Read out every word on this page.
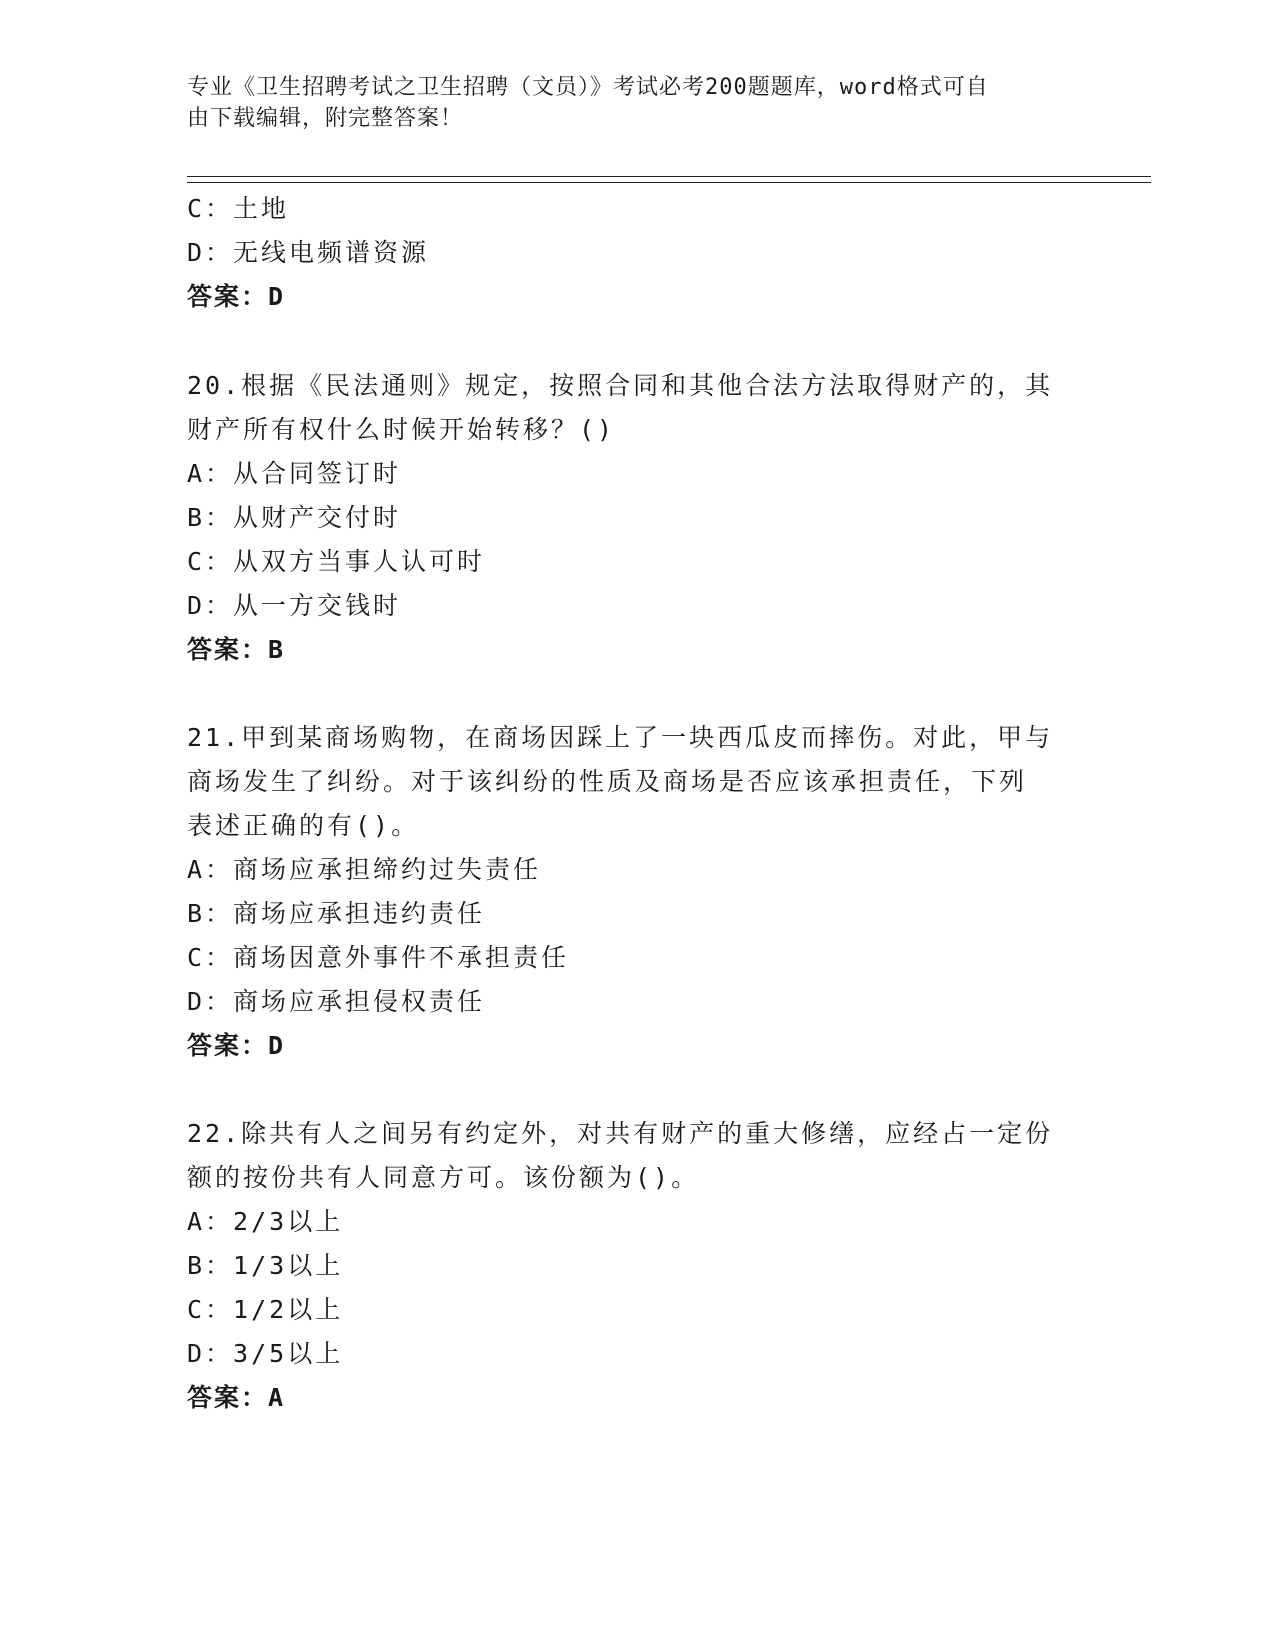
专业《卫生招聘考试之卫生招聘（文员）》考试必考200题题库，word格式可自
由下载编辑，附完整答案！
C：土地
D：无线电频谱资源
答案：D
20.根据《民法通则》规定，按照合同和其他合法方法取得财产的，其
财产所有权什么时候开始转移？()
A：从合同签订时
B：从财产交付时
C：从双方当事人认可时
D：从一方交钱时
答案：B
21.甲到某商场购物，在商场因踩上了一块西瓜皮而摔伤。对此，甲与
商场发生了纠纷。对于该纠纷的性质及商场是否应该承担责任，下列
表述正确的有()。
A：商场应承担缔约过失责任
B：商场应承担违约责任
C：商场因意外事件不承担责任
D：商场应承担侵权责任
答案：D
22.除共有人之间另有约定外，对共有财产的重大修缮，应经占一定份
额的按份共有人同意方可。该份额为()。
A：2/3以上
B：1/3以上
C：1/2以上
D：3/5以上
答案：A
